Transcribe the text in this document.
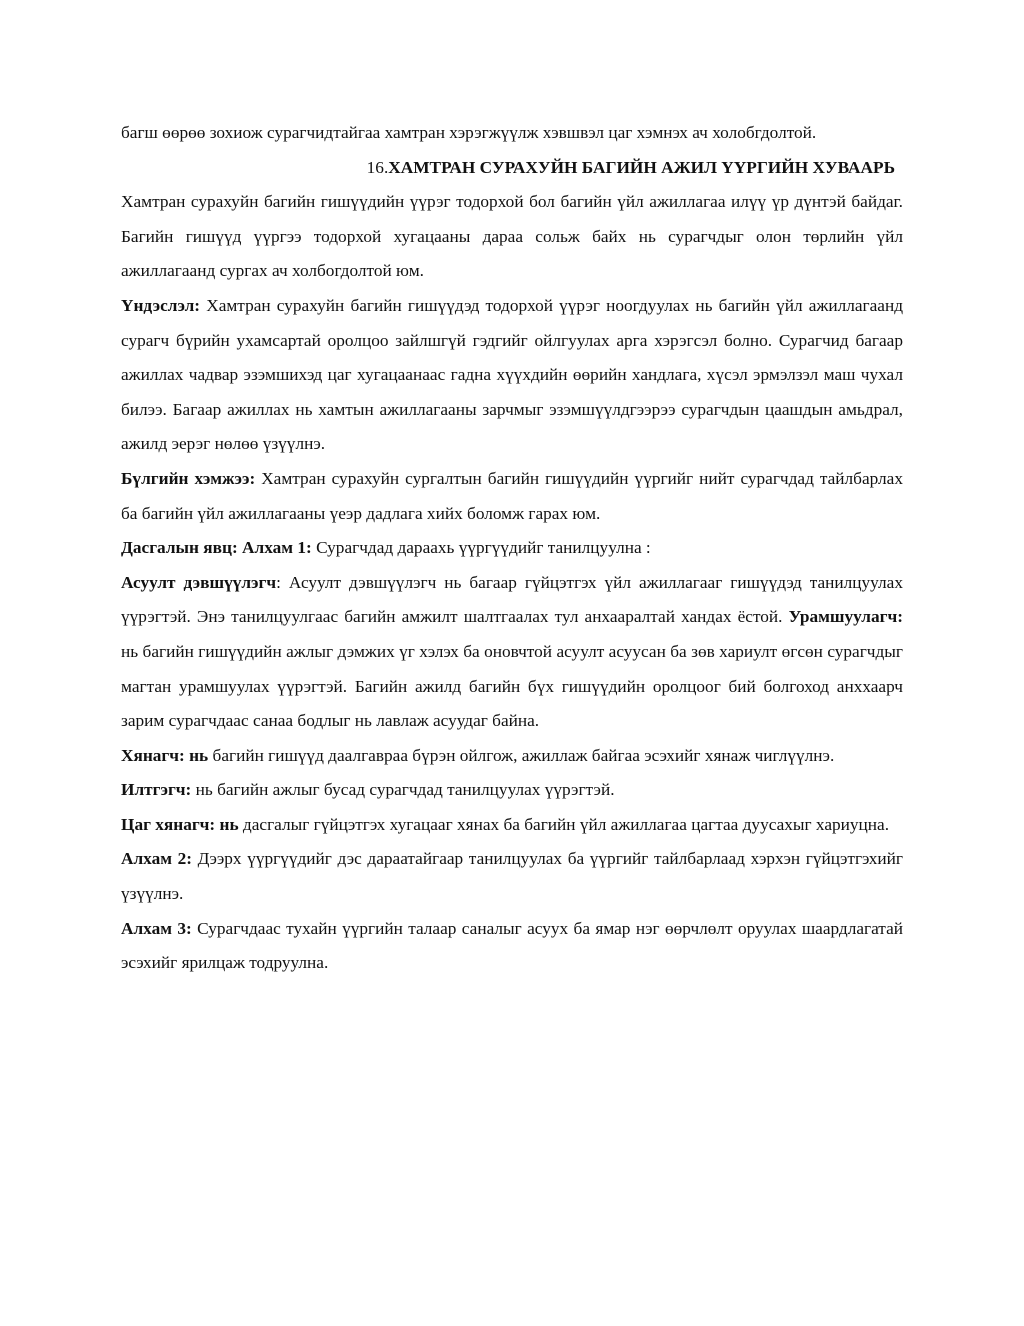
багш өөрөө зохиож сурагчидтайгаа хамтран хэрэгжүүлж хэвшвэл цаг хэмнэх ач холобгдолтой.

16.ХАМТРАН СУРАХУЙН БАГИЙН АЖИЛ ҮҮРГИЙН ХУВААРЬ

Хамтран сурахуйн багийн гишүүдийн үүрэг тодорхой бол багийн үйл ажиллагаа илүү үр дүнтэй байдаг. Багийн гишүүд үүргээ тодорхой хугацааны дараа сольж байх нь сурагчдыг олон төрлийн үйл ажиллагаанд сургах ач холбогдолтой юм.

Үндэслэл: Хамтран сурахуйн багийн гишүүдэд тодорхой үүрэг ноогдуулах нь багийн үйл ажиллагаанд сурагч бүрийн ухамсартай оролцоо зайлшгүй гэдгийг ойлгуулах арга хэрэгсэл болно. Сурагчид багаар ажиллах чадвар эзэмшихэд цаг хугацаанаас гадна хүүхдийн өөрийн хандлага, хүсэл эрмэлзэл маш чухал билээ. Багаар ажиллах нь хамтын ажиллагааны зарчмыг эзэмшүүлдгээрээ сурагчдын цаашдын амьдрал, ажилд эерэг нөлөө үзүүлнэ.

Бүлгийн хэмжээ: Хамтран сурахуйн сургалтын багийн гишүүдийн үүргийг нийт сурагчдад тайлбарлах ба багийн үйл ажиллагааны үеэр дадлага хийх боломж гарах юм.

Дасгалын явц: Алхам 1: Сурагчдад дараахь үүргүүдийг танилцуулна :

Асуулт дэвшүүлэгч: Асуулт дэвшүүлэгч нь багаар гүйцэтгэх үйл ажиллагааг гишүүдэд танилцуулах үүрэгтэй. Энэ танилцуулгаас багийн амжилт шалтгаалах тул анхааралтай хандах ёстой. Урамшуулагч: нь багийн гишүүдийн ажлыг дэмжих үг хэлэх ба оновчтой асуулт асуусан ба зөв хариулт өгсөн сурагчдыг магтан урамшуулах үүрэгтэй. Багийн ажилд багийн бүх гишүүдийн оролцоог бий болгоход анххаарч зарим сурагчдаас санаа бодлыг нь лавлаж асуудаг байна.

Хянагч: нь багийн гишүүд даалгавраа бүрэн ойлгож, ажиллаж байгаа эсэхийг хянаж чиглүүлнэ.

Илтгэгч: нь багийн ажлыг бусад сурагчдад танилцуулах үүрэгтэй.

Цаг хянагч: нь дасгалыг гүйцэтгэх хугацааг хянах ба багийн үйл ажиллагаа цагтаа дуусахыг хариуцна.

Алхам 2: Дээрх үүргүүдийг дэс дараатайгаар танилцуулах ба үүргийг тайлбарлаад хэрхэн гүйцэтгэхийг үзүүлнэ.

Алхам 3: Сурагчдаас тухайн үүргийн талаар саналыг асуух ба ямар нэг өөрчлөлт оруулах шаардлагатай эсэхийг ярилцаж тодруулна.
